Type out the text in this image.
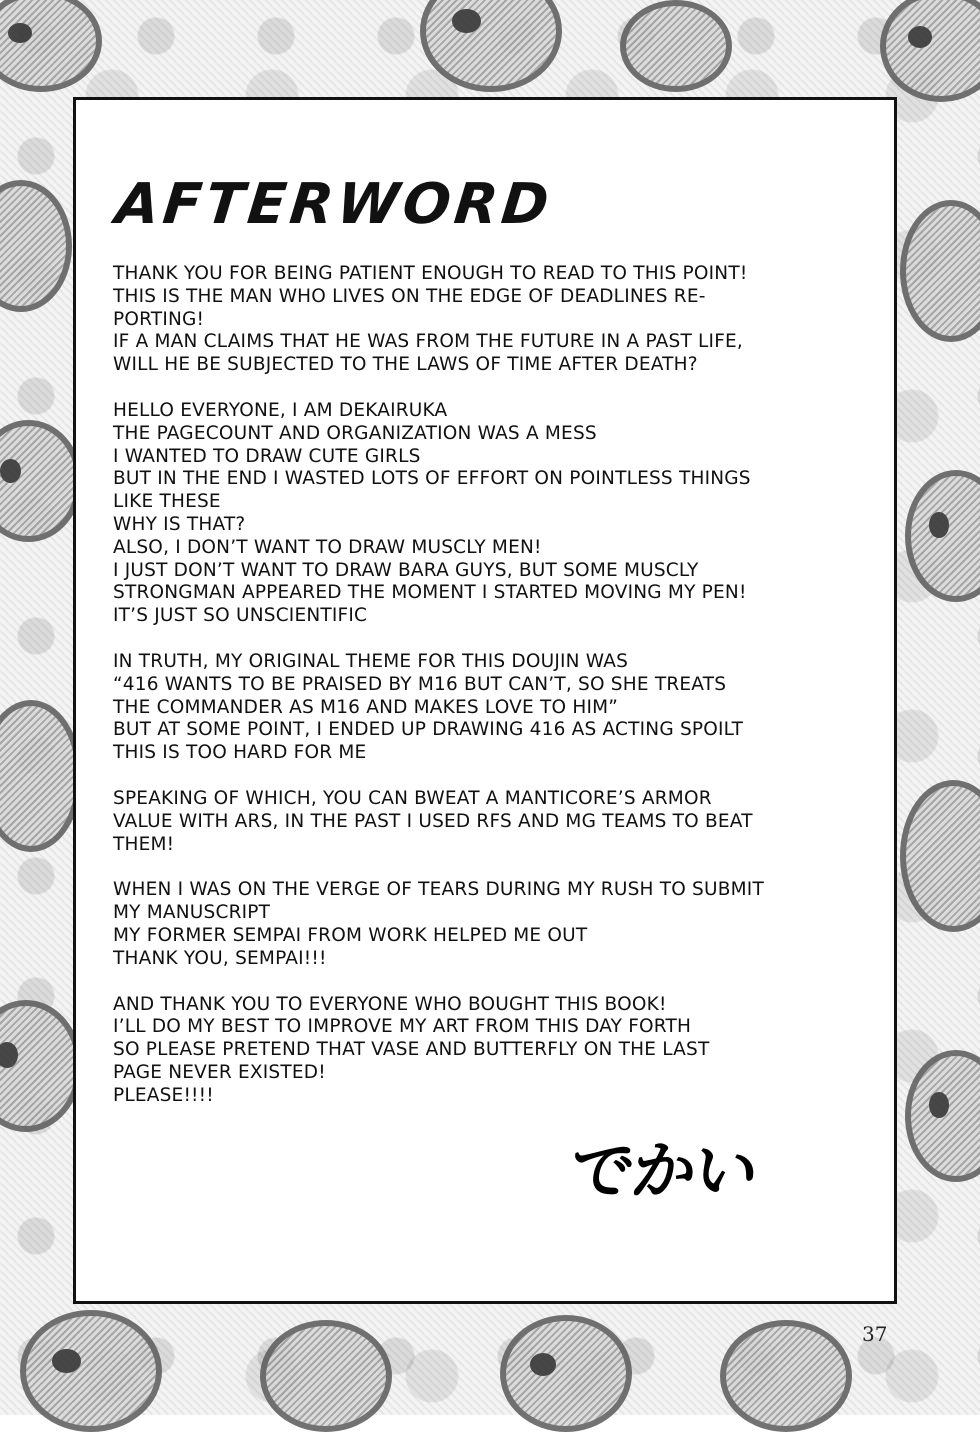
AFTERWORD
THANK YOU FOR BEING PATIENT ENOUGH TO READ TO THIS POINT!
THIS IS THE MAN WHO LIVES ON THE EDGE OF DEADLINES RE-
PORTING!
IF A MAN CLAIMS THAT HE WAS FROM THE FUTURE IN A PAST LIFE,
WILL HE BE SUBJECTED TO THE LAWS OF TIME AFTER DEATH?
HELLO EVERYONE, I AM DEKAIRUKA
THE PAGECOUNT AND ORGANIZATION WAS A MESS
I WANTED TO DRAW CUTE GIRLS
BUT IN THE END I WASTED LOTS OF EFFORT ON POINTLESS THINGS
LIKE THESE
WHY IS THAT?
ALSO, I DON’T WANT TO DRAW MUSCLY MEN!
I JUST DON’T WANT TO DRAW BARA GUYS, BUT SOME MUSCLY
STRONGMAN APPEARED THE MOMENT I STARTED MOVING MY PEN!
IT’S JUST SO UNSCIENTIFIC
IN TRUTH, MY ORIGINAL THEME FOR THIS DOUJIN WAS
“416 WANTS TO BE PRAISED BY M16 BUT CAN’T, SO SHE TREATS
THE COMMANDER AS M16 AND MAKES LOVE TO HIM”
BUT AT SOME POINT, I ENDED UP DRAWING 416 AS ACTING SPOILT
THIS IS TOO HARD FOR ME
SPEAKING OF WHICH, YOU CAN BWEAT A MANTICORE’S ARMOR
VALUE WITH ARS, IN THE PAST I USED RFS AND MG TEAMS TO BEAT
THEM!
WHEN I WAS ON THE VERGE OF TEARS DURING MY RUSH TO SUBMIT
MY MANUSCRIPT
MY FORMER SEMPAI FROM WORK HELPED ME OUT
THANK YOU, SEMPAI!!!
AND THANK YOU TO EVERYONE WHO BOUGHT THIS BOOK!
I’LL DO MY BEST TO IMPROVE MY ART FROM THIS DAY FORTH
SO PLEASE PRETEND THAT VASE AND BUTTERFLY ON THE LAST
PAGE NEVER EXISTED!
PLEASE!!!!
でかい
37
